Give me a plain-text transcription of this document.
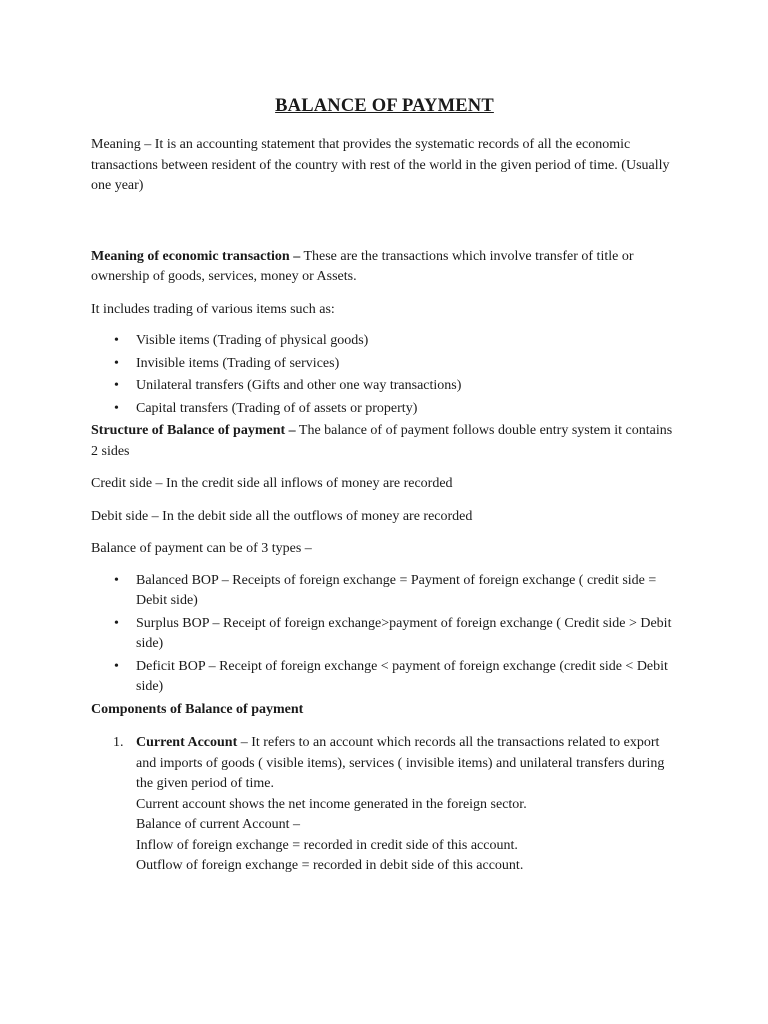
BALANCE OF PAYMENT

Meaning – It is an accounting statement that provides the systematic records of all the economic transactions between resident of the country with rest of the world in the given period of time. (Usually one year)

Meaning of economic transaction – These are the transactions which involve transfer of title or ownership of goods, services, money or Assets.

It includes trading of various items such as:

• Visible items (Trading of physical goods)
• Invisible items (Trading of services)
• Unilateral transfers (Gifts and other one way transactions)
• Capital transfers (Trading of of assets or property)

Structure of Balance of payment – The balance of of payment follows double entry system it contains 2 sides

Credit side – In the credit side all inflows of money are recorded

Debit side – In the debit side all the outflows of money are recorded

Balance of payment can be of 3 types –

• Balanced BOP – Receipts of foreign exchange = Payment of foreign exchange ( credit side = Debit side)
• Surplus BOP – Receipt of foreign exchange>payment of foreign exchange ( Credit side > Debit side)
• Deficit BOP – Receipt of foreign exchange < payment of foreign exchange (credit side < Debit side)

Components of Balance of payment

1. Current Account – It refers to an account which records all the transactions related to export and imports of goods ( visible items), services ( invisible items) and unilateral transfers during the given period of time.
Current account shows the net income generated in the foreign sector.
Balance of current Account –
Inflow of foreign exchange = recorded in credit side of this account.
Outflow of foreign exchange = recorded in debit side of this account.
